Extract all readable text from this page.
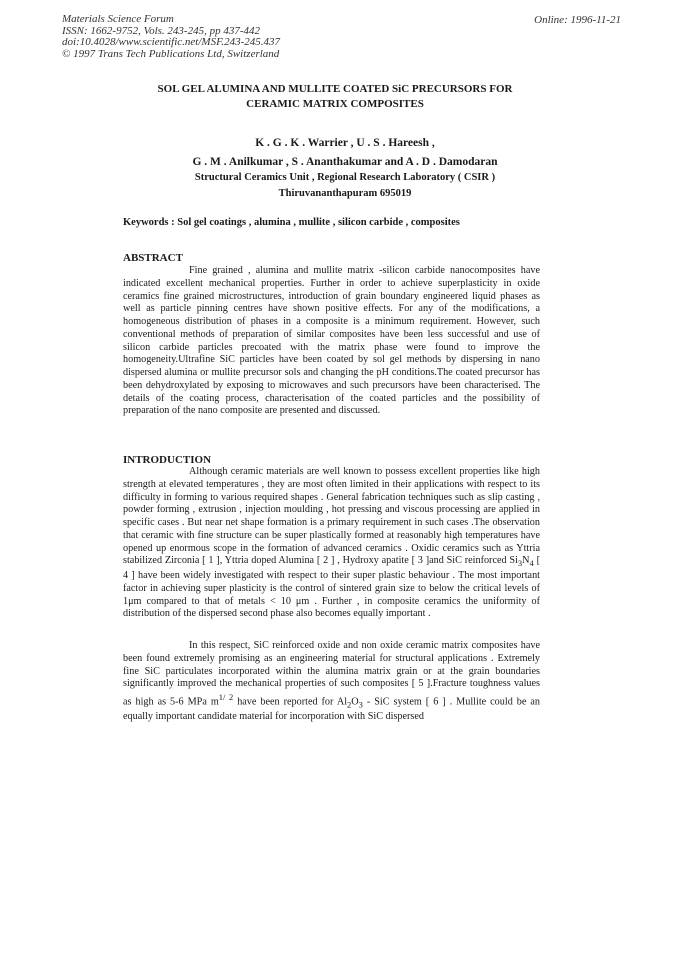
Materials Science Forum
ISSN: 1662-9752, Vols. 243-245, pp 437-442
doi:10.4028/www.scientific.net/MSF.243-245.437
© 1997 Trans Tech Publications Ltd, Switzerland
Online: 1996-11-21
SOL GEL ALUMINA AND MULLITE COATED SiC PRECURSORS FOR
CERAMIC MATRIX COMPOSITES
K . G . K . Warrier , U . S . Hareesh ,
G . M . Anilkumar , S . Ananthakumar and A . D . Damodaran
Structural Ceramics Unit , Regional Research Laboratory ( CSIR )
Thiruvananthapuram 695019
Keywords : Sol gel coatings , alumina , mullite , silicon carbide , composites
ABSTRACT

Fine grained , alumina and mullite matrix -silicon carbide nanocomposites have indicated excellent mechanical properties. Further in order to achieve superplasticity in oxide ceramics fine grained microstructures, introduction of grain boundary engineered liquid phases as well as particle pinning centres have shown positive effects. For any of the modifications, a homogeneous distribution of phases in a composite is a minimum requirement. However, such conventional methods of preparation of similar composites have been less successful and use of silicon carbide particles precoated with the matrix phase were found to improve the homogeneity.Ultrafine SiC particles have been coated by sol gel methods by dispersing in nano dispersed alumina or mullite precursor sols and changing the pH conditions.The coated precursor has been dehydroxylated by exposing to microwaves and such precursors have been characterised. The details of the coating process, characterisation of the coated particles and the possibility of preparation of the nano composite are presented and discussed.

INTRODUCTION

Although ceramic materials are well known to possess excellent properties like high strength at elevated temperatures , they are most often limited in their applications with respect to its difficulty in forming to various required shapes . General fabrication techniques such as slip casting , powder forming , extrusion , injection moulding , hot pressing and viscous processing are applied in specific cases . But near net shape formation is a primary requirement in such cases .The observation that ceramic with fine structure can be super plastically formed at reasonably high temperatures have opened up enormous scope in the formation of advanced ceramics . Oxidic ceramics such as Yttria stabilized Zirconia [ 1 ], Yttria doped Alumina [ 2 ] , Hydroxy apatite [ 3 ]and SiC reinforced $Si_3N_4$ [ 4 ] have been widely investigated with respect to their super plastic behaviour . The most important factor in achieving super plasticity is the control of sintered grain size to below the critical levels of 1μm compared to that of metals < 10 μm . Further , in composite ceramics the uniformity of distribution of the dispersed second phase also becomes equally important .

In this respect, SiC reinforced oxide and non oxide ceramic matrix composites have been found extremely promising as an engineering material for structural applications . Extremely fine SiC particulates incorporated within the alumina matrix grain or at the grain boundaries significantly improved the mechanical properties of such composites [ 5 ].Fracture toughness values as high as 5-6 MPa $m^{1/ 2}$ have been reported for $Al_2O_3$ - SiC system [ 6 ] . Mullite could be an equally important candidate material for incorporation with SiC dispersed
